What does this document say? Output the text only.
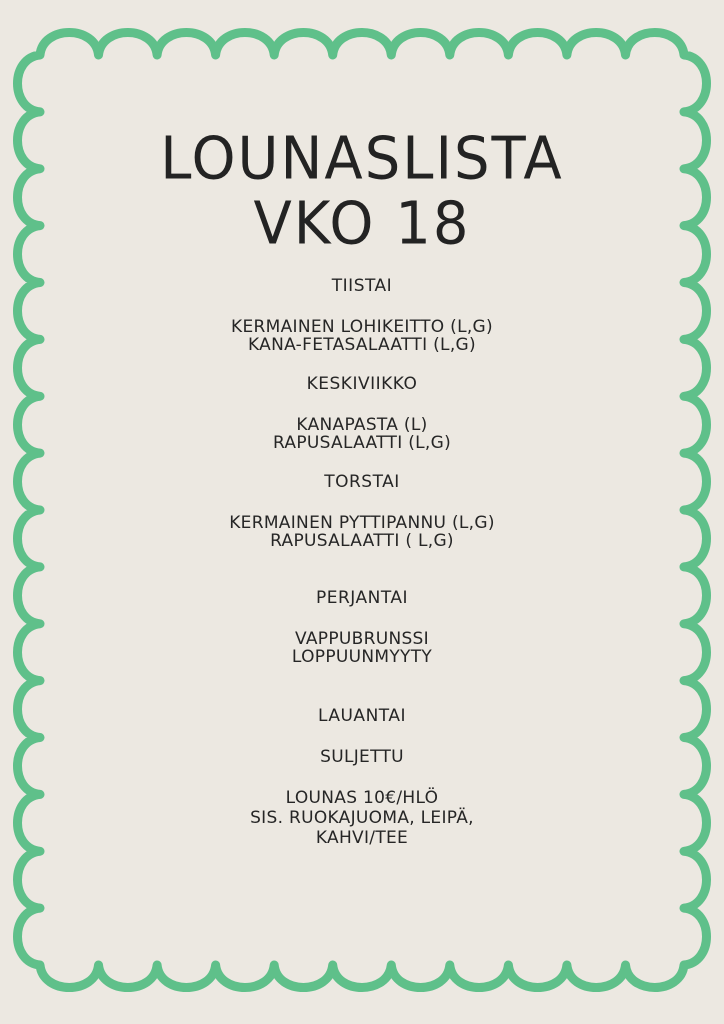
LOUNASLISTA
VKO 18
TIISTAI
KERMAINEN LOHIKEITTO (L,G)
KANA-FETASALAATTI (L,G)
KESKIVIIKKO
KANAPASTA (L)
RAPUSALAATTI (L,G)
TORSTAI
KERMAINEN PYTTIPANNU (L,G)
RAPUSALAATTI ( L,G)
PERJANTAI
VAPPUBRUNSSI
LOPPUUNMYYTY
LAUANTAI
SULJETTU
LOUNAS 10€/HLÖ
SIS. RUOKAJUOMA, LEIPÄ,
KAHVI/TEE
